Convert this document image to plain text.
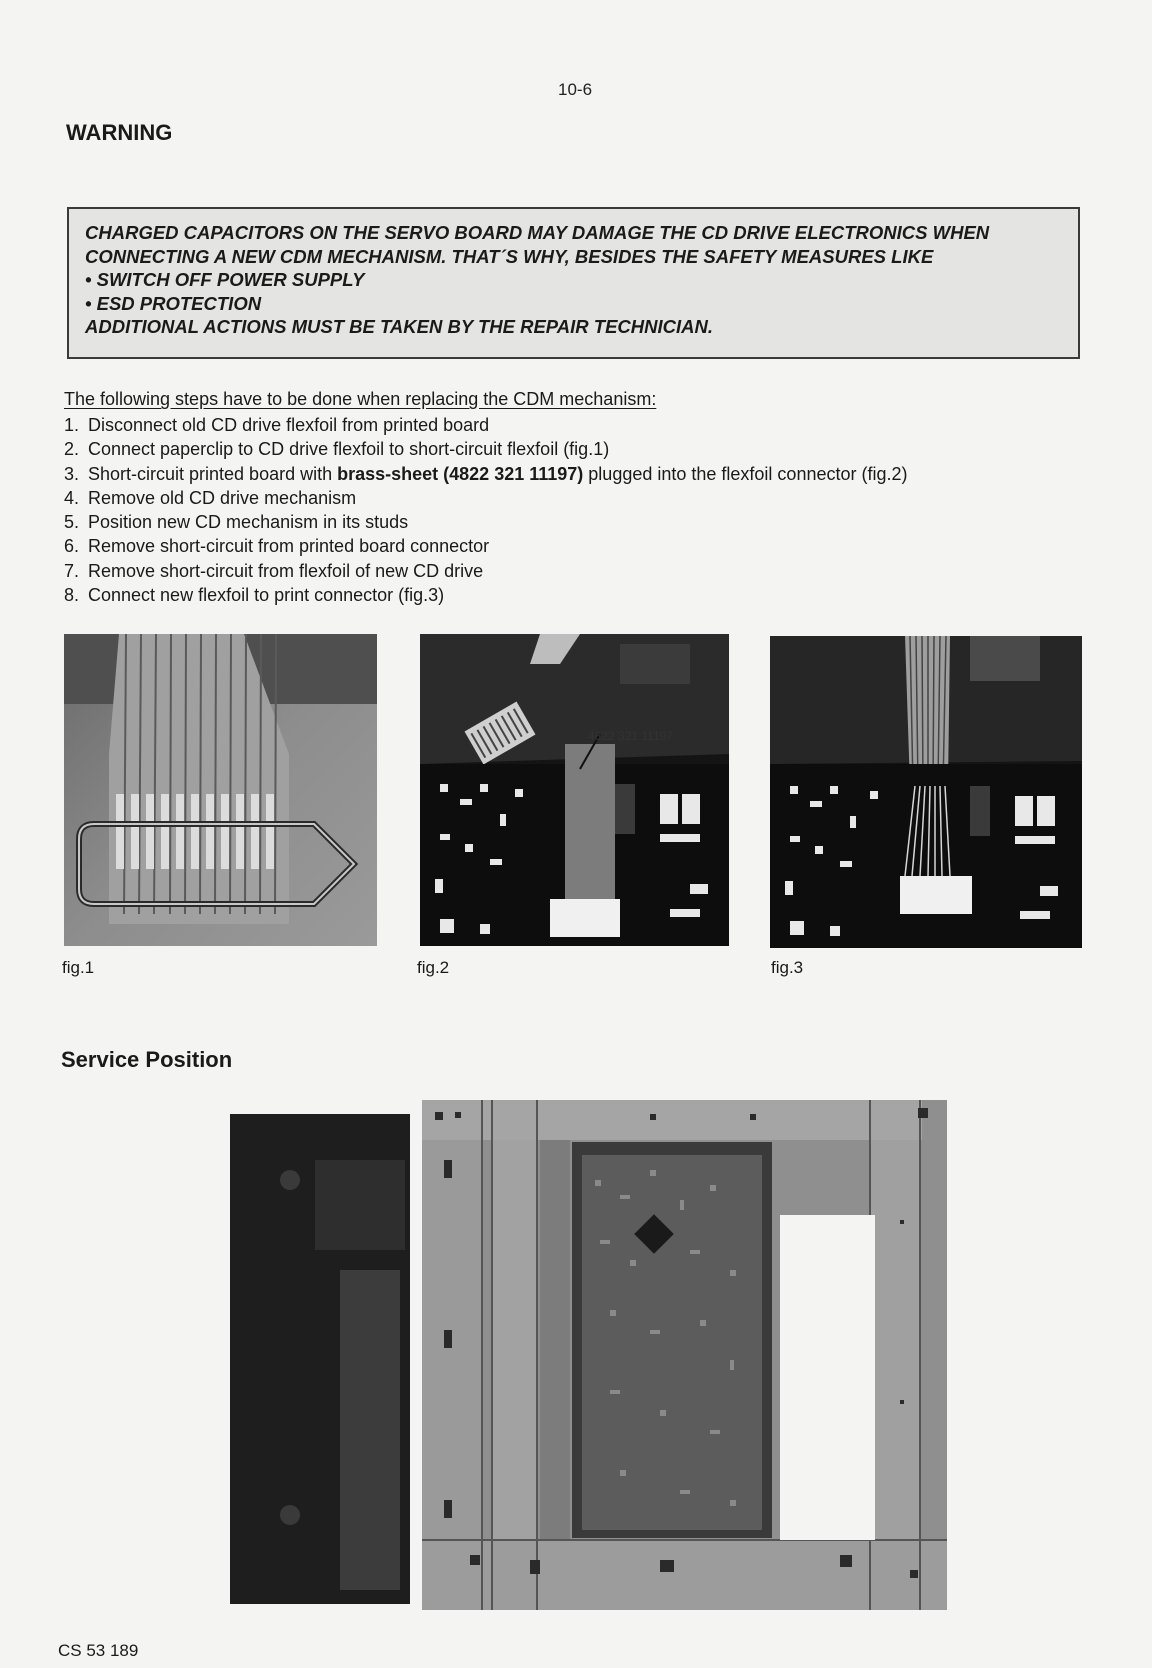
10-6
WARNING
CHARGED CAPACITORS ON THE SERVO BOARD MAY DAMAGE THE CD DRIVE ELECTRONICS WHEN
CONNECTING A NEW CDM MECHANISM. THAT´S WHY, BESIDES THE SAFETY MEASURES LIKE
• SWITCH OFF POWER SUPPLY
• ESD PROTECTION
ADDITIONAL ACTIONS MUST BE TAKEN BY THE REPAIR TECHNICIAN.
The following steps have to be done when replacing the CDM mechanism:
1. Disconnect old CD drive flexfoil from printed board
2. Connect paperclip to CD drive flexfoil to short-circuit flexfoil (fig.1)
3. Short-circuit printed board with brass-sheet (4822 321 11197) plugged into the flexfoil connector (fig.2)
4. Remove old CD drive mechanism
5. Position new CD mechanism in its studs
6. Remove short-circuit from printed board connector
7. Remove short-circuit from flexfoil of new CD drive
8. Connect new flexfoil to print connector (fig.3)
fig.1
4822 321 11197
fig.2	fig.3
Service Position
CS 53 189
